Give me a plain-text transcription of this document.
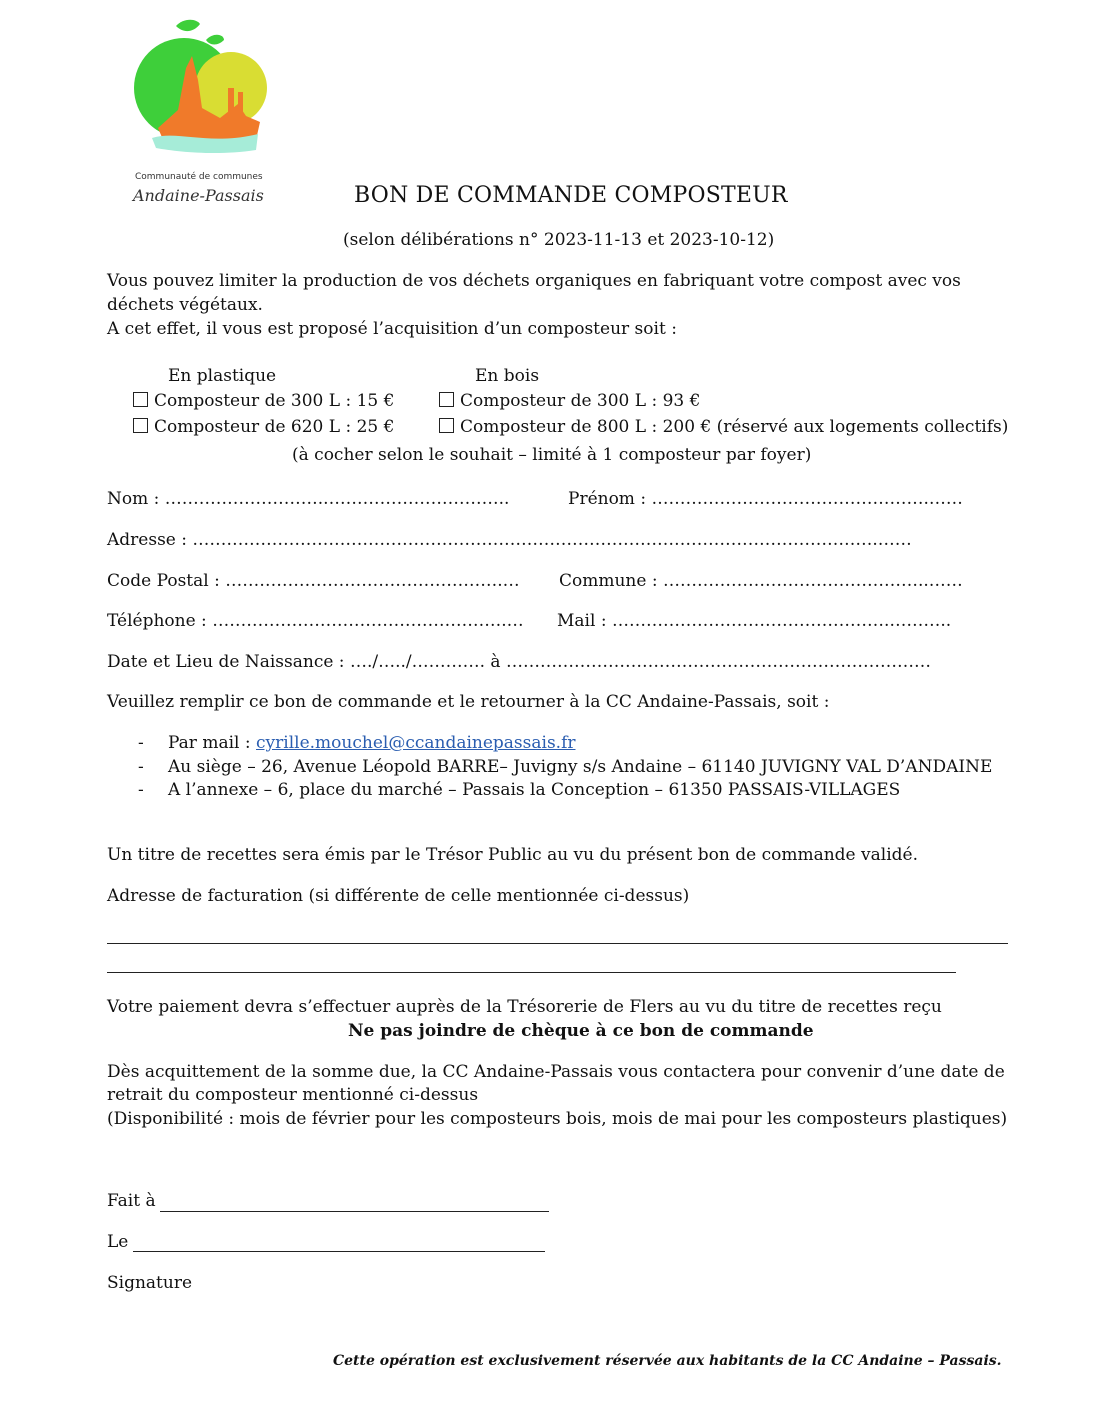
Communauté de communes
Andaine-Passais	BON DE COMMANDE COMPOSTEUR
(selon délibérations n° 2023-11-13 et 2023-10-12)
Vous pouvez limiter la production de vos déchets organiques en fabriquant votre compost avec vos
déchets végétaux.
A cet effet, il vous est proposé l’acquisition d’un composteur soit :
En plastique	En bois
Composteur de 300 L : 15 €	Composteur de 300 L : 93 €
Composteur de 620 L : 25 €	Composteur de 800 L : 200 € (réservé aux logements collectifs)
(à cocher selon le souhait – limité à 1 composteur par foyer)
Nom : ………………………..…………………………..	Prénom : ………………………………………….……
Adresse : ………………………………………………………………………………………………………….……
Code Postal : ………………………………………….… Commune : ………………………………………..……
Téléphone : …………………………………………….… Mail : ………………………………………….………..
Date et Lieu de Naissance : …./…../…………. à …………………………………………………………………
Veuillez remplir ce bon de commande et le retourner à la CC Andaine-Passais, soit :
- Par mail : cyrille.mouchel@ccandainepassais.fr
- Au siège – 26, Avenue Léopold BARRE– Juvigny s/s Andaine – 61140 JUVIGNY VAL D’ANDAINE
- A l’annexe – 6, place du marché – Passais la Conception – 61350 PASSAIS-VILLAGES
Un titre de recettes sera émis par le Trésor Public au vu du présent bon de commande validé.
Adresse de facturation (si différente de celle mentionnée ci-dessus)
Votre paiement devra s’effectuer auprès de la Trésorerie de Flers au vu du titre de recettes reçu
Ne pas joindre de chèque à ce bon de commande
Dès acquittement de la somme due, la CC Andaine-Passais vous contactera pour convenir d’une date de
retrait du composteur mentionné ci-dessus
(Disponibilité : mois de février pour les composteurs bois, mois de mai pour les composteurs plastiques)
Fait à
Le
Signature
Cette opération est exclusivement réservée aux habitants de la CC Andaine – Passais.
